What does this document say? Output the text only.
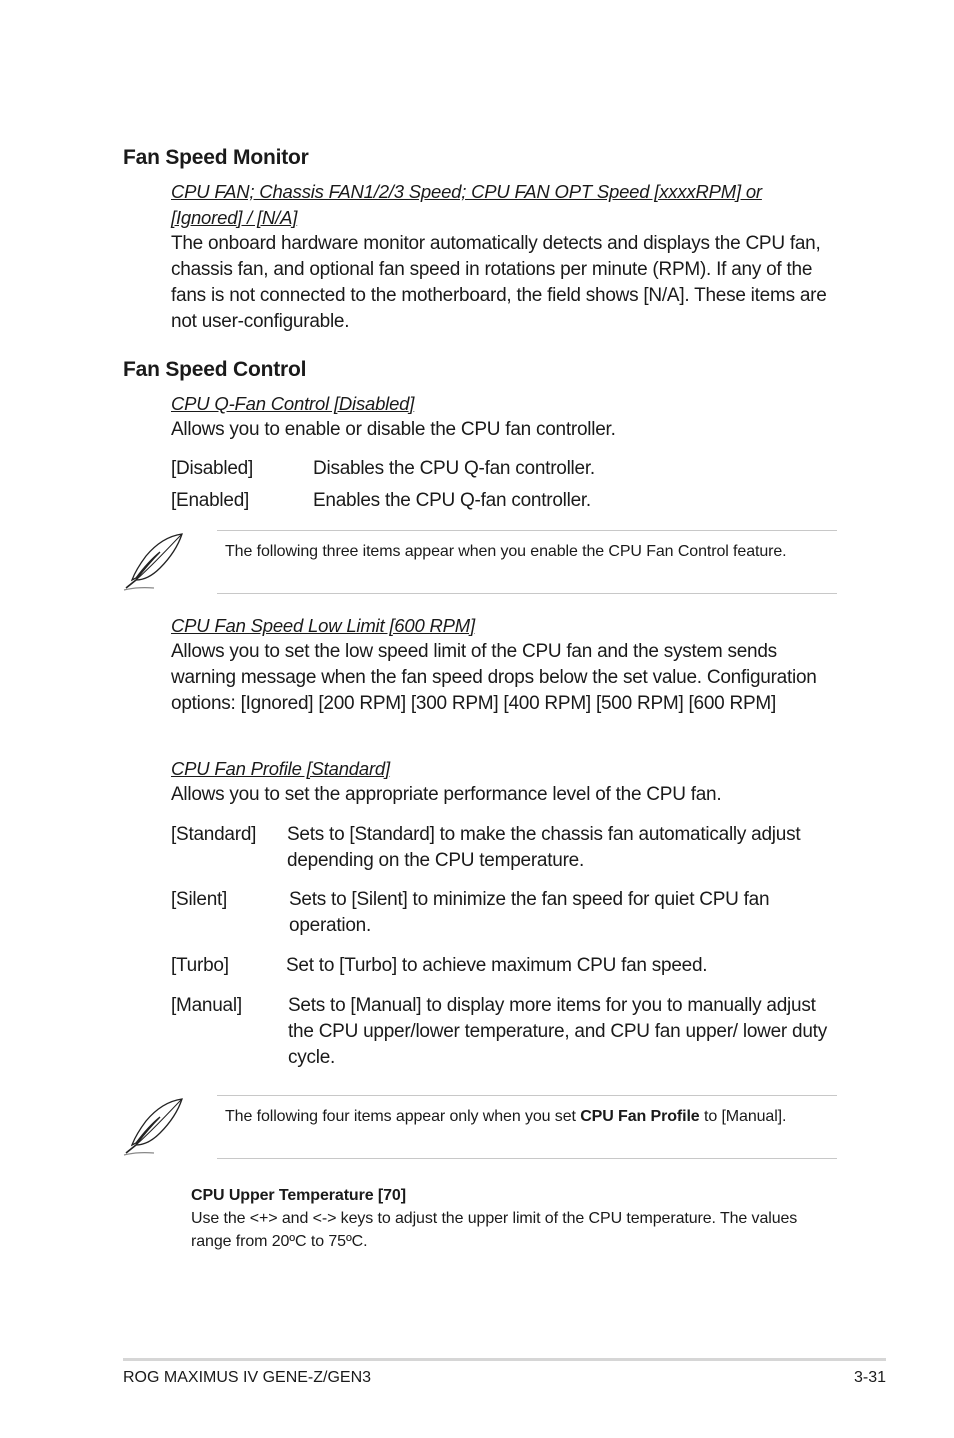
Fan Speed Monitor
CPU FAN; Chassis FAN1/2/3 Speed; CPU FAN OPT Speed [xxxxRPM] or
[Ignored] / [N/A]
The onboard hardware monitor automatically detects and displays the CPU fan, chassis fan, and optional fan speed in rotations per minute (RPM). If any of the fans is not connected to the motherboard, the field shows [N/A]. These items are not user-configurable.
Fan Speed Control
CPU Q-Fan Control [Disabled]
Allows you to enable or disable the CPU fan controller.
[Disabled]	Disables the CPU Q-fan controller.
[Enabled]	Enables the CPU Q-fan controller.
The following three items appear when you enable the CPU Fan Control feature.
CPU Fan Speed Low Limit [600 RPM]
Allows you to set the low speed limit of the CPU fan and the system sends warning message when the fan speed drops below the set value. Configuration options: [Ignored] [200 RPM] [300 RPM] [400 RPM] [500 RPM] [600 RPM]
CPU Fan Profile [Standard]
Allows you to set the appropriate performance level of the CPU fan.
[Standard] Sets to [Standard] to make the chassis fan automatically adjust depending on the CPU temperature.
[Silent]	Sets to [Silent] to minimize the fan speed for quiet CPU fan operation.
[Turbo]	Set to [Turbo] to achieve maximum CPU fan speed.
[Manual] Sets to [Manual] to display more items for you to manually adjust the CPU upper/lower temperature, and CPU fan upper/ lower duty cycle.
The following four items appear only when you set CPU Fan Profile to [Manual].
CPU Upper Temperature [70]
Use the <+> and <-> keys to adjust the upper limit of the CPU temperature. The values range from 20ºC to 75ºC.
ROG MAXIMUS IV GENE-Z/GEN3	3-31
